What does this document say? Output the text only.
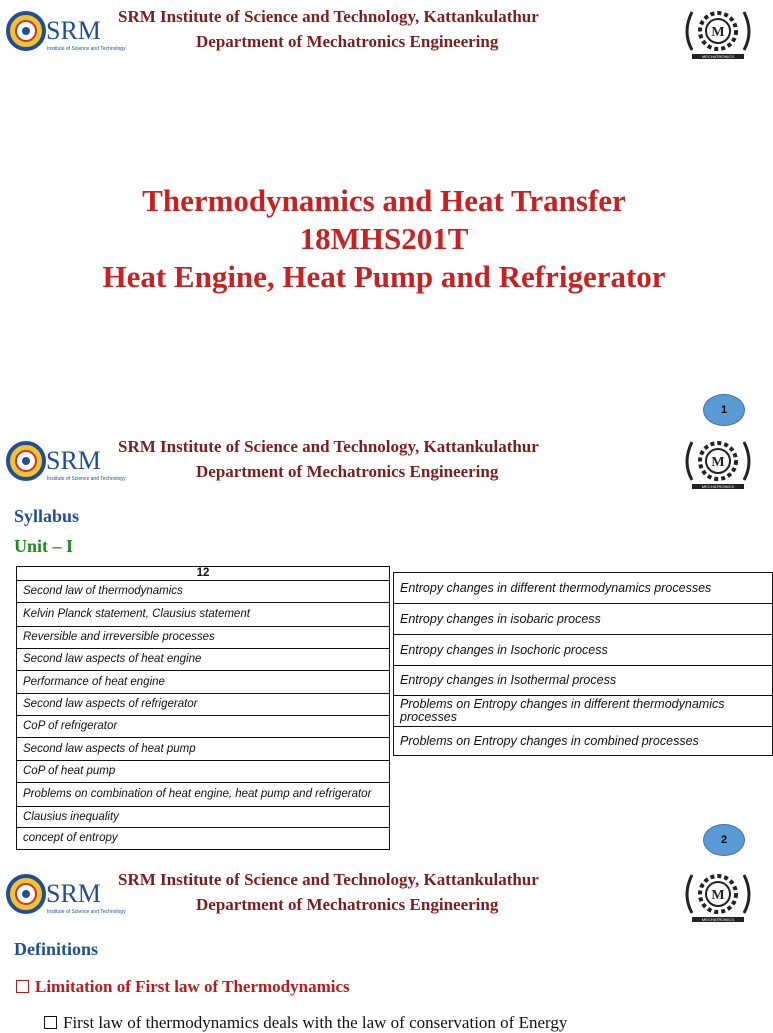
SRM
Institute of Science and Technology
SRM Institute of Science and Technology, Kattankulathur
Department of Mechatronics Engineering	M
MECHATRONICS
Thermodynamics and Heat Transfer
18MHS201T
Heat Engine, Heat Pump and Refrigerator
1
SRM
Institute of Science and Technology
SRM Institute of Science and Technology, Kattankulathur
Department of Mechatronics Engineering	M
MECHATRONICS
Syllabus
Unit – I
12
Second law of thermodynamics
Kelvin Planck statement, Clausius statement
Reversible and irreversible processes
Second law aspects of heat engine
Performance of heat engine
Second law aspects of refrigerator
CoP of refrigerator
Second law aspects of heat pump
CoP of heat pump
Problems on combination of heat engine, heat pump and refrigerator
Clausius inequality
concept of entropy
Entropy changes in different thermodynamics processes
Entropy changes in isobaric process
Entropy changes in Isochoric process
Entropy changes in Isothermal process
Problems on Entropy changes in different thermodynamics processes
Problems on Entropy changes in combined processes
2
SRM
Institute of Science and Technology
SRM Institute of Science and Technology, Kattankulathur
Department of Mechatronics Engineering	M
MECHATRONICS
Definitions
Limitation of First law of Thermodynamics
First law of thermodynamics deals with the law of conservation of Energy
